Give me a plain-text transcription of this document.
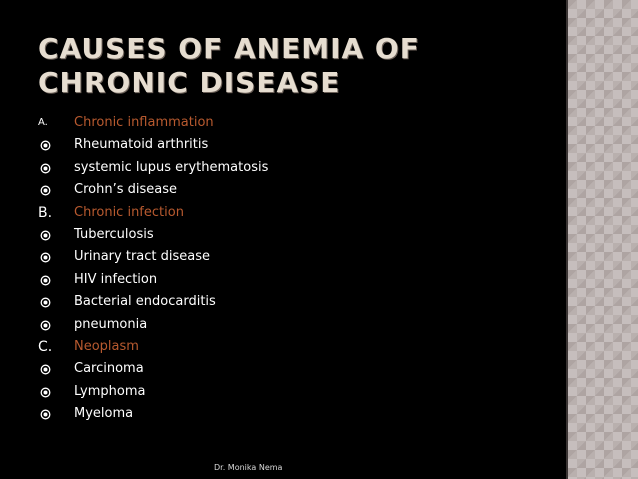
CAUSES OF ANEMIA OF CHRONIC DISEASE
A.	Chronic inflammation
Rheumatoid arthritis
systemic lupus erythematosis
Crohn’s disease
B.	Chronic infection
Tuberculosis
Urinary tract disease
HIV infection
Bacterial endocarditis
pneumonia
C.	Neoplasm
Carcinoma
Lymphoma
Myeloma
Dr. Monika Nema
